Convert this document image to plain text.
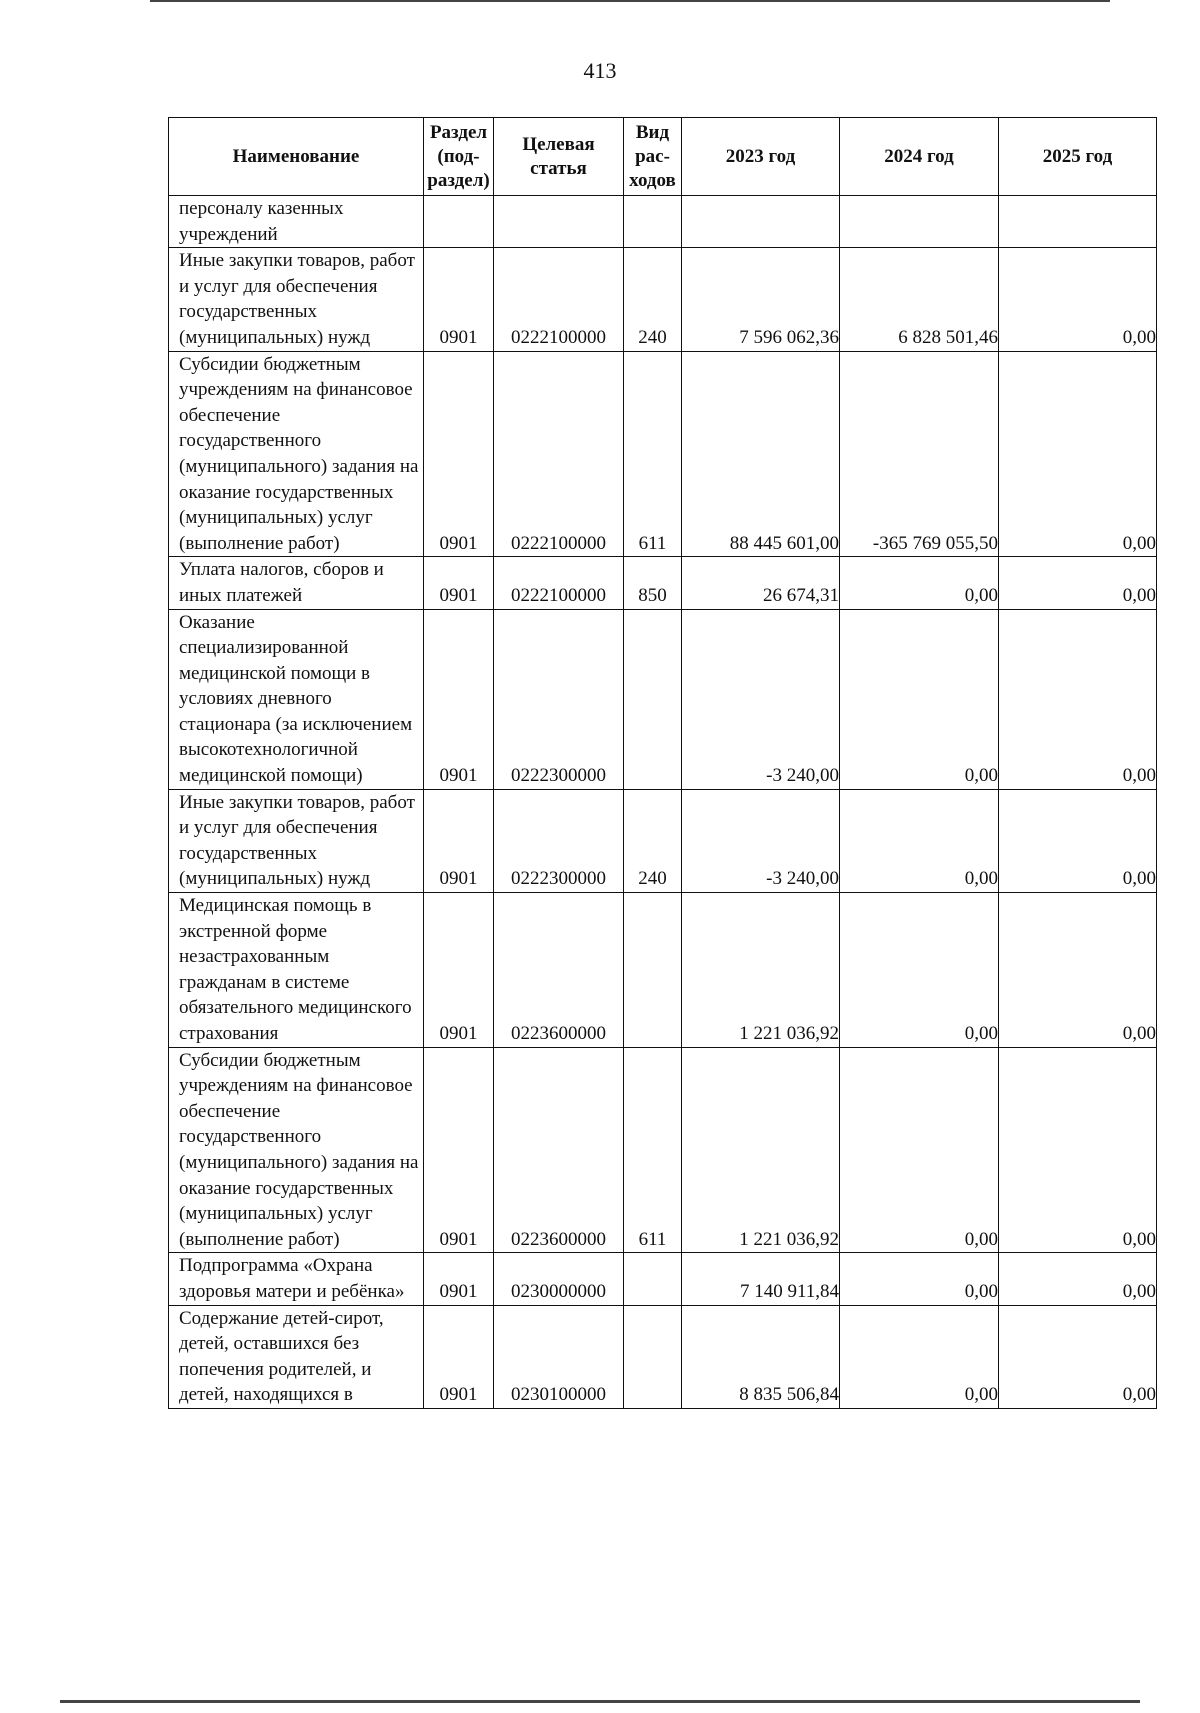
413
Наименование	Раздел (под-раздел)	Целевая статья	Вид рас-ходов	2023 год	2024 год	2025 год
персоналу казенных учреждений						
Иные закупки товаров, работ и услуг для обеспечения государственных (муниципальных) нужд	0901	0222100000	240	7 596 062,36	6 828 501,46	0,00
Субсидии бюджетным учреждениям на финансовое обеспечение государственного (муниципального) задания на оказание государственных (муниципальных) услуг (выполнение работ)	0901	0222100000	611	88 445 601,00	-365 769 055,50	0,00
Уплата налогов, сборов и иных платежей	0901	0222100000	850	26 674,31	0,00	0,00
Оказание специализированной медицинской помощи в условиях дневного стационара (за исключением высокотехнологичной медицинской помощи)	0901	0222300000		-3 240,00	0,00	0,00
Иные закупки товаров, работ и услуг для обеспечения государственных (муниципальных) нужд	0901	0222300000	240	-3 240,00	0,00	0,00
Медицинская помощь в экстренной форме незастрахованным гражданам в системе обязательного медицинского страхования	0901	0223600000		1 221 036,92	0,00	0,00
Субсидии бюджетным учреждениям на финансовое обеспечение государственного (муниципального) задания на оказание государственных (муниципальных) услуг (выполнение работ)	0901	0223600000	611	1 221 036,92	0,00	0,00
Подпрограмма «Охрана здоровья матери и ребёнка»	0901	0230000000		7 140 911,84	0,00	0,00
Содержание детей-сирот, детей, оставшихся без попечения родителей, и детей, находящихся в	0901	0230100000		8 835 506,84	0,00	0,00
